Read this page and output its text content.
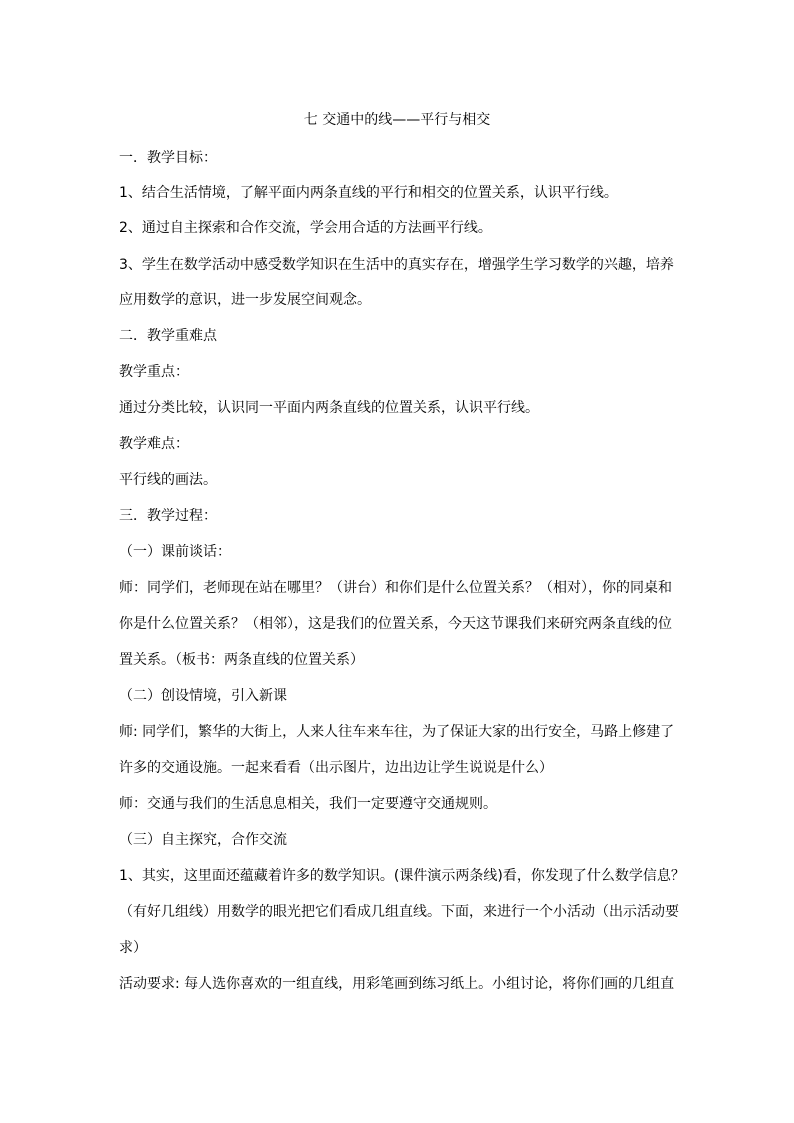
七 交通中的线——平行与相交
一．教学目标：
1、结合生活情境，了解平面内两条直线的平行和相交的位置关系，认识平行线。
2、通过自主探索和合作交流，学会用合适的方法画平行线。
3、学生在数学活动中感受数学知识在生活中的真实存在，增强学生学习数学的兴趣，培养
应用数学的意识，进一步发展空间观念。
二．教学重难点
教学重点：
通过分类比较，认识同一平面内两条直线的位置关系，认识平行线。
教学难点：
平行线的画法。
三．教学过程：
（一）课前谈话：
师：同学们，老师现在站在哪里？（讲台）和你们是什么位置关系？（相对），你的同桌和
你是什么位置关系？（相邻），这是我们的位置关系，今天这节课我们来研究两条直线的位
置关系。（板书：两条直线的位置关系）
（二）创设情境，引入新课
师: 同学们，繁华的大街上，人来人往车来车往，为了保证大家的出行安全，马路上修建了
许多的交通设施。一起来看看（出示图片，边出边让学生说说是什么）
师：交通与我们的生活息息相关，我们一定要遵守交通规则。
（三）自主探究，合作交流
1、其实，这里面还蕴藏着许多的数学知识。(课件演示两条线)看，你发现了什么数学信息？
（有好几组线）用数学的眼光把它们看成几组直线。下面，来进行一个小活动（出示活动要
求）
活动要求: 每人选你喜欢的一组直线，用彩笔画到练习纸上。小组讨论，将你们画的几组直
